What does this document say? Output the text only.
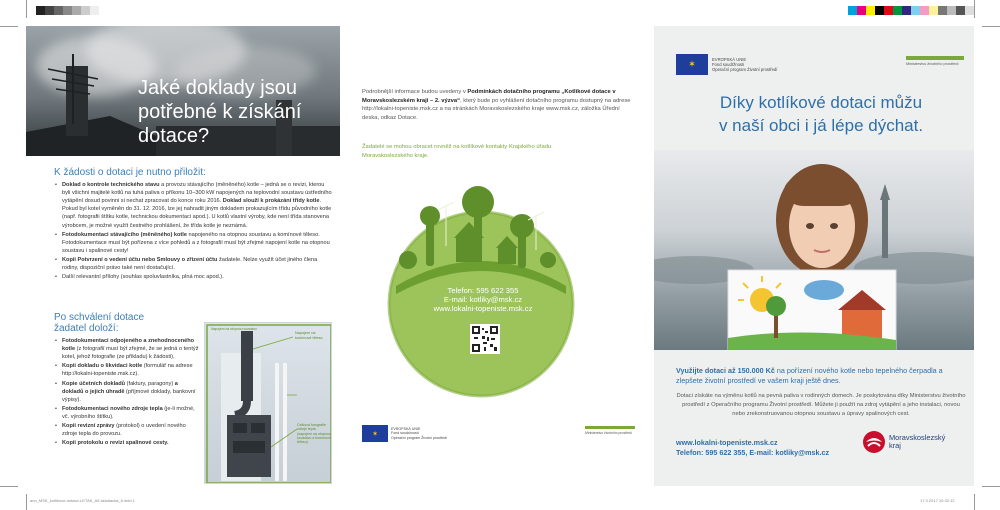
Jaké doklady jsou
potřebné k získání
dotace?
K žádosti o dotaci je nutno přiložit:
• Doklad o kontrole technického stavu a provozu stávajícího (měněného) kotle – jedná se o revizi, kterou byli všichni majitelé kotlů na tuhá paliva o příkonu 10–300 kW napojených na teplovodní soustavu ústředního vytápění dosud povinni si nechat zpracovat do konce roku 2016. Doklad slouží k prokázání třídy kotle. Pokud byl kotel vyměněn do 31. 12. 2016, lze jej nahradit jiným dokladem prokazujícím třídu původního kotle (např. fotografii štítku kotle, technickou dokumentaci apod.). U kotlů vlastní výroby, kde není třída stanovena výrobcem, je možné využít čestného prohlášení, že třída kotle je neznámá.
• Fotodokumentaci stávajícího (měněného) kotle napojeného na otopnou soustavu a komínové těleso. Fotodokumentace musí být pořízena z více pohledů a z fotografií musí být zřejmé napojení kotle na otopnou soustavu i spalinové cesty!
• Kopii Potvrzení o vedení účtu nebo Smlouvy o zřízení účtu žadatele. Nelze využít účet jiného člena rodiny, dispoziční právo také není dostačující.
• Další relevantní přílohy (souhlas spoluvlastníka, plná moc apod.).
Po schválení dotace žadatel doloží:
• Fotodokumentaci odpojeného a znehodnoceného kotle (z fotografií musí být zřejmé, že se jedná o tentýž kotel, jehož fotografie (ze přikladu) k žádosti).
• Kopii dokladu o likvidaci kotle (formulář na adrese http://lokalni-topeniste.msk.cz).
• Kopie účetních dokladů (faktury, paragony) a dokladů o jejich úhradě (příjmové doklady, bankovní výpisy).
• Fotodokumentaci nového zdroje tepla (je-li možné, vč. výrobního štítku).
• Kopii revizní zprávy (protokol) o uvedení nového zdroje tepla do provozu.
• Kopii protokolu o revizi spalinové cesty.
Napojení na komínové těleso
Napojení na otopnou soustavu
Celková fotografie zdroje tepla (napojení na otopnou soustavu a komínové těleso)
Podrobnější informace budou uvedeny v Podmínkách dotačního programu „Kotlíkové dotace v Moravskoslezském kraji – 2. výzva“, který bude po vyhlášení dotačního programu dostupný na adrese http://lokalni-topeniste.msk.cz a na stránkách Moravskoslezského kraje www.msk.cz, záložka Úřední deska, odkaz Dotace.
Žadatelé se mohou obracet rovněž na kotlíkové kontakty Krajského úřadu Moravskoslezského kraje.
Telefon: 595 622 355
E-mail: kotliky@msk.cz
www.lokalni-topeniste.msk.cz
✶
EVROPSKÁ UNIE
Fond soudržnosti
Operační program Životní prostředí
Ministerstvo životního prostředí
✶	EVROPSKÁ UNIE
Fond soudržnosti
Operační program Životní prostředí
Ministerstvo životního prostředí
Díky kotlíkové dotaci můžu
v naší obci i já lépe dýchat.
Využijte dotaci až 150.000 Kč na pořízení nového kotle nebo tepelného čerpadla a zlepšete životní prostředí ve vašem kraji ještě dnes.
Dotaci získáte na výměnu kotlů na pevná paliva v rodinných domech. Je poskytována díky Ministerstvu životního prostředí z Operačního programu Životní prostředí. Můžete ji použít na zdroj vytápění a jeho instalaci, novou nebo zrekonstruovanou otopnou soustavu a úpravy spalinových cest.
www.lokalni-topeniste.msk.cz
Telefon: 595 622 355, E-mail: kotliky@msk.cz
Moravskoslezský
kraj
ann_MSK_kotlikove-dotace-LETAK_A5 skladacka_6.indd 1	17.3.2017 10:32:12
